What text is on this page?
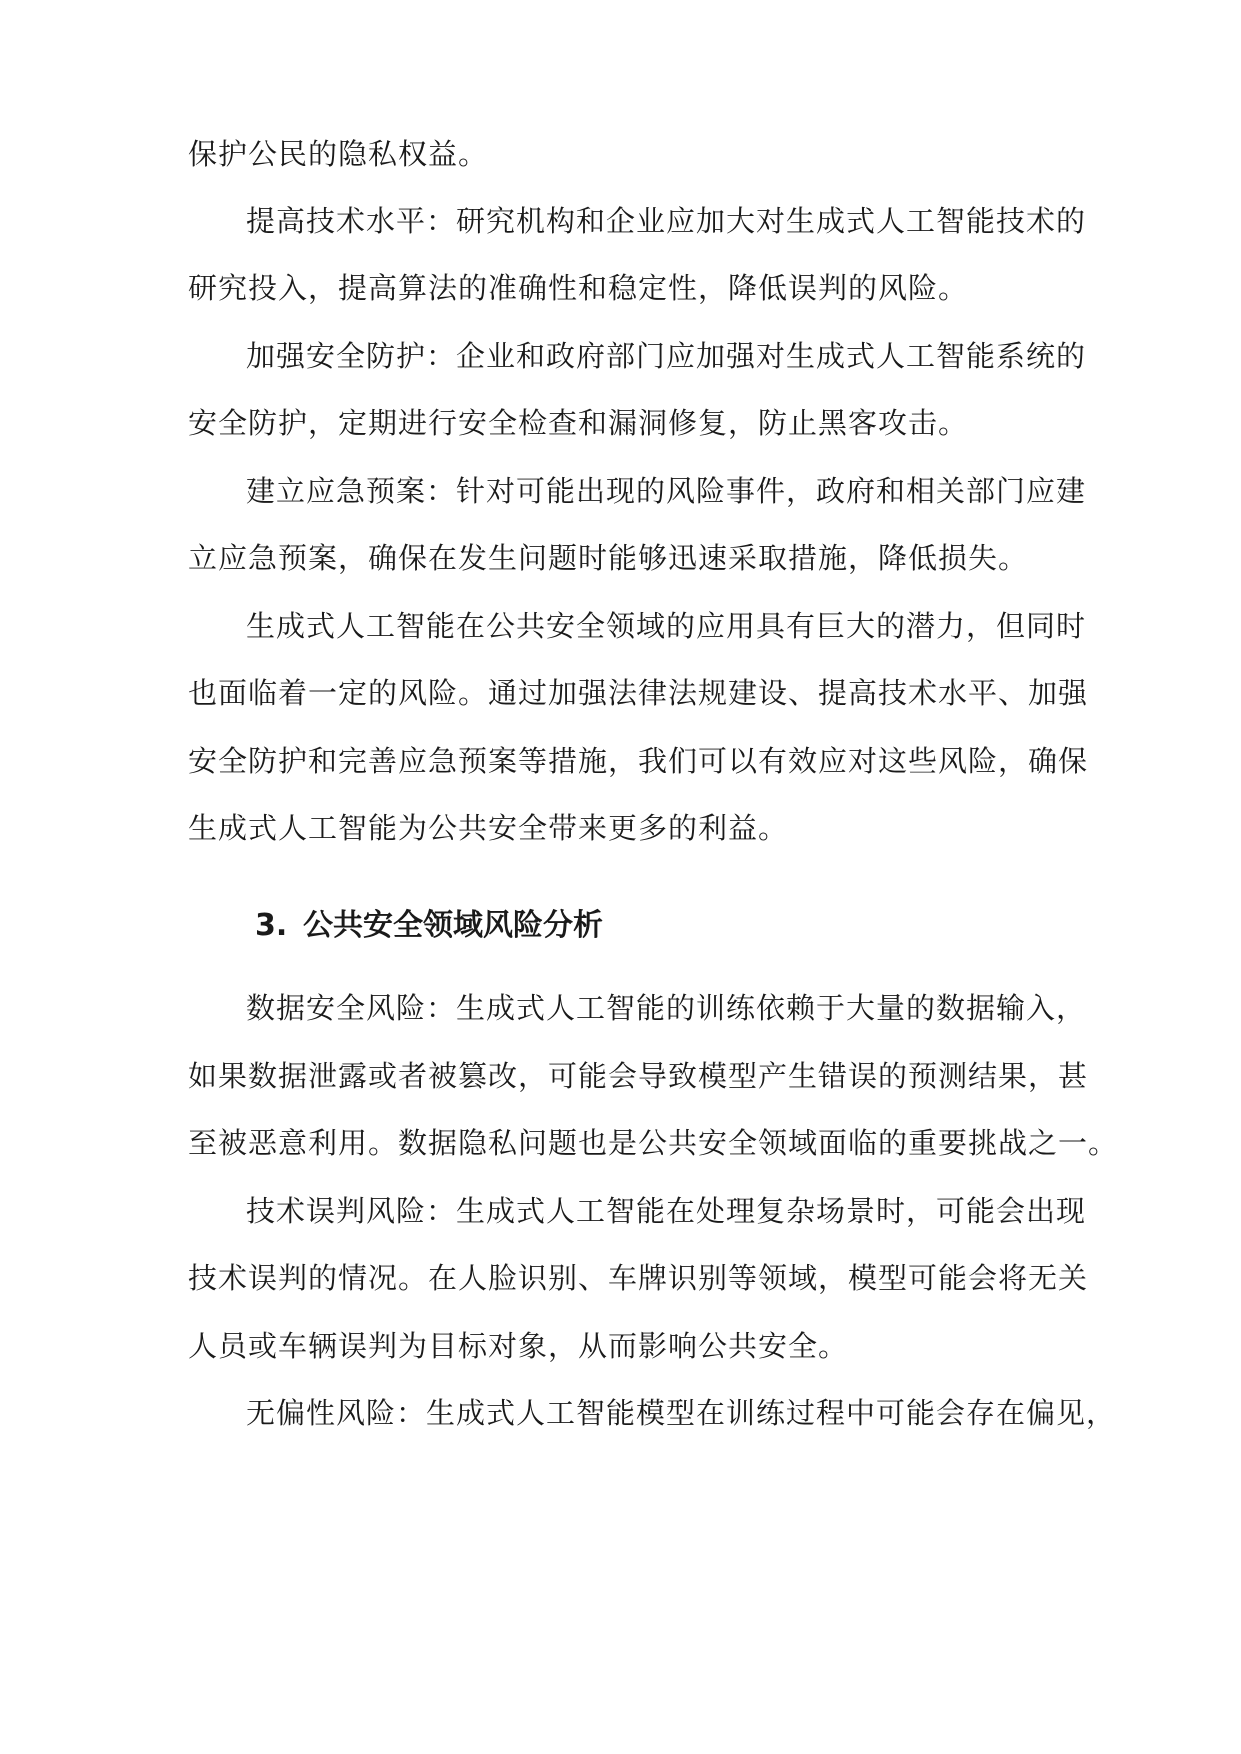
保护公民的隐私权益。
提高技术水平：研究机构和企业应加大对生成式人工智能技术的
研究投入，提高算法的准确性和稳定性，降低误判的风险。
加强安全防护：企业和政府部门应加强对生成式人工智能系统的
安全防护，定期进行安全检查和漏洞修复，防止黑客攻击。
建立应急预案：针对可能出现的风险事件，政府和相关部门应建
立应急预案，确保在发生问题时能够迅速采取措施，降低损失。
生成式人工智能在公共安全领域的应用具有巨大的潜力，但同时
也面临着一定的风险。通过加强法律法规建设、提高技术水平、加强
安全防护和完善应急预案等措施，我们可以有效应对这些风险，确保
生成式人工智能为公共安全带来更多的利益。
3. 公共安全领域风险分析
数据安全风险：生成式人工智能的训练依赖于大量的数据输入，
如果数据泄露或者被篡改，可能会导致模型产生错误的预测结果，甚
至被恶意利用。数据隐私问题也是公共安全领域面临的重要挑战之一。
技术误判风险：生成式人工智能在处理复杂场景时，可能会出现
技术误判的情况。在人脸识别、车牌识别等领域，模型可能会将无关
人员或车辆误判为目标对象，从而影响公共安全。
无偏性风险：生成式人工智能模型在训练过程中可能会存在偏见，
